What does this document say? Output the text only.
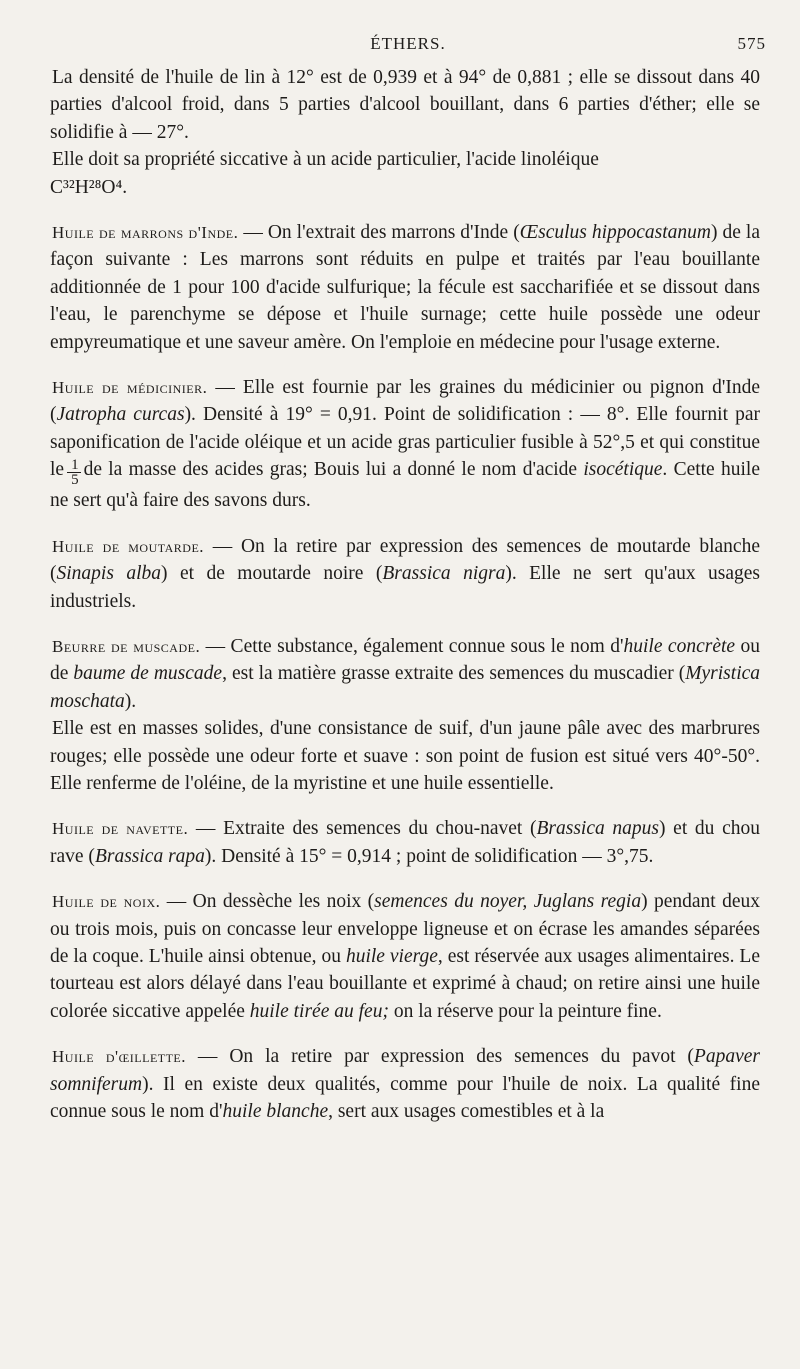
ÉTHERS.	575

La densité de l'huile de lin à 12° est de 0,939 et à 94° de 0,881 ; elle se dissout dans 40 parties d'alcool froid, dans 5 parties d'alcool bouillant, dans 6 parties d'éther; elle se solidifie à — 27°.

Elle doit sa propriété siccative à un acide particulier, l'acide linoléique
C³²H²⁸O⁴.

Huile de marrons d'Inde. — On l'extrait des marrons d'Inde (Œsculus hippocastanum) de la façon suivante : Les marrons sont réduits en pulpe et traités par l'eau bouillante additionnée de 1 pour 100 d'acide sulfurique; la fécule est saccharifiée et se dissout dans l'eau, le parenchyme se dépose et l'huile surnage; cette huile possède une odeur empyreumatique et une saveur amère. On l'emploie en médecine pour l'usage externe.

Huile de médicinier. — Elle est fournie par les graines du médicinier ou pignon d'Inde (Jatropha curcas). Densité à 19° = 0,91. Point de solidification : — 8°. Elle fournit par saponification de l'acide oléique et un acide gras particulier fusible à 52°,5 et qui constitue le $\frac{1}{5}$ de la masse des acides gras; Bouis lui a donné le nom d'acide isocétique. Cette huile ne sert qu'à faire des savons durs.

Huile de moutarde. — On la retire par expression des semences de moutarde blanche (Sinapis alba) et de moutarde noire (Brassica nigra). Elle ne sert qu'aux usages industriels.

Beurre de muscade. — Cette substance, également connue sous le nom d'huile concrète ou de baume de muscade, est la matière grasse extraite des semences du muscadier (Myristica moschata).

Elle est en masses solides, d'une consistance de suif, d'un jaune pâle avec des marbrures rouges; elle possède une odeur forte et suave : son point de fusion est situé vers 40°-50°. Elle renferme de l'oléine, de la myristine et une huile essentielle.

Huile de navette. — Extraite des semences du chou-navet (Brassica napus) et du chou rave (Brassica rapa). Densité à 15° = 0,914 ; point de solidification — 3°,75.

Huile de noix. — On dessèche les noix (semences du noyer, Juglans regia) pendant deux ou trois mois, puis on concasse leur enveloppe ligneuse et on écrase les amandes séparées de la coque. L'huile ainsi obtenue, ou huile vierge, est réservée aux usages alimentaires. Le tourteau est alors délayé dans l'eau bouillante et exprimé à chaud; on retire ainsi une huile colorée siccative appelée huile tirée au feu; on la réserve pour la peinture fine.

Huile d'œillette. — On la retire par expression des semences du pavot (Papaver somniferum). Il en existe deux qualités, comme pour l'huile de noix. La qualité fine connue sous le nom d'huile blanche, sert aux usages comestibles et à la
